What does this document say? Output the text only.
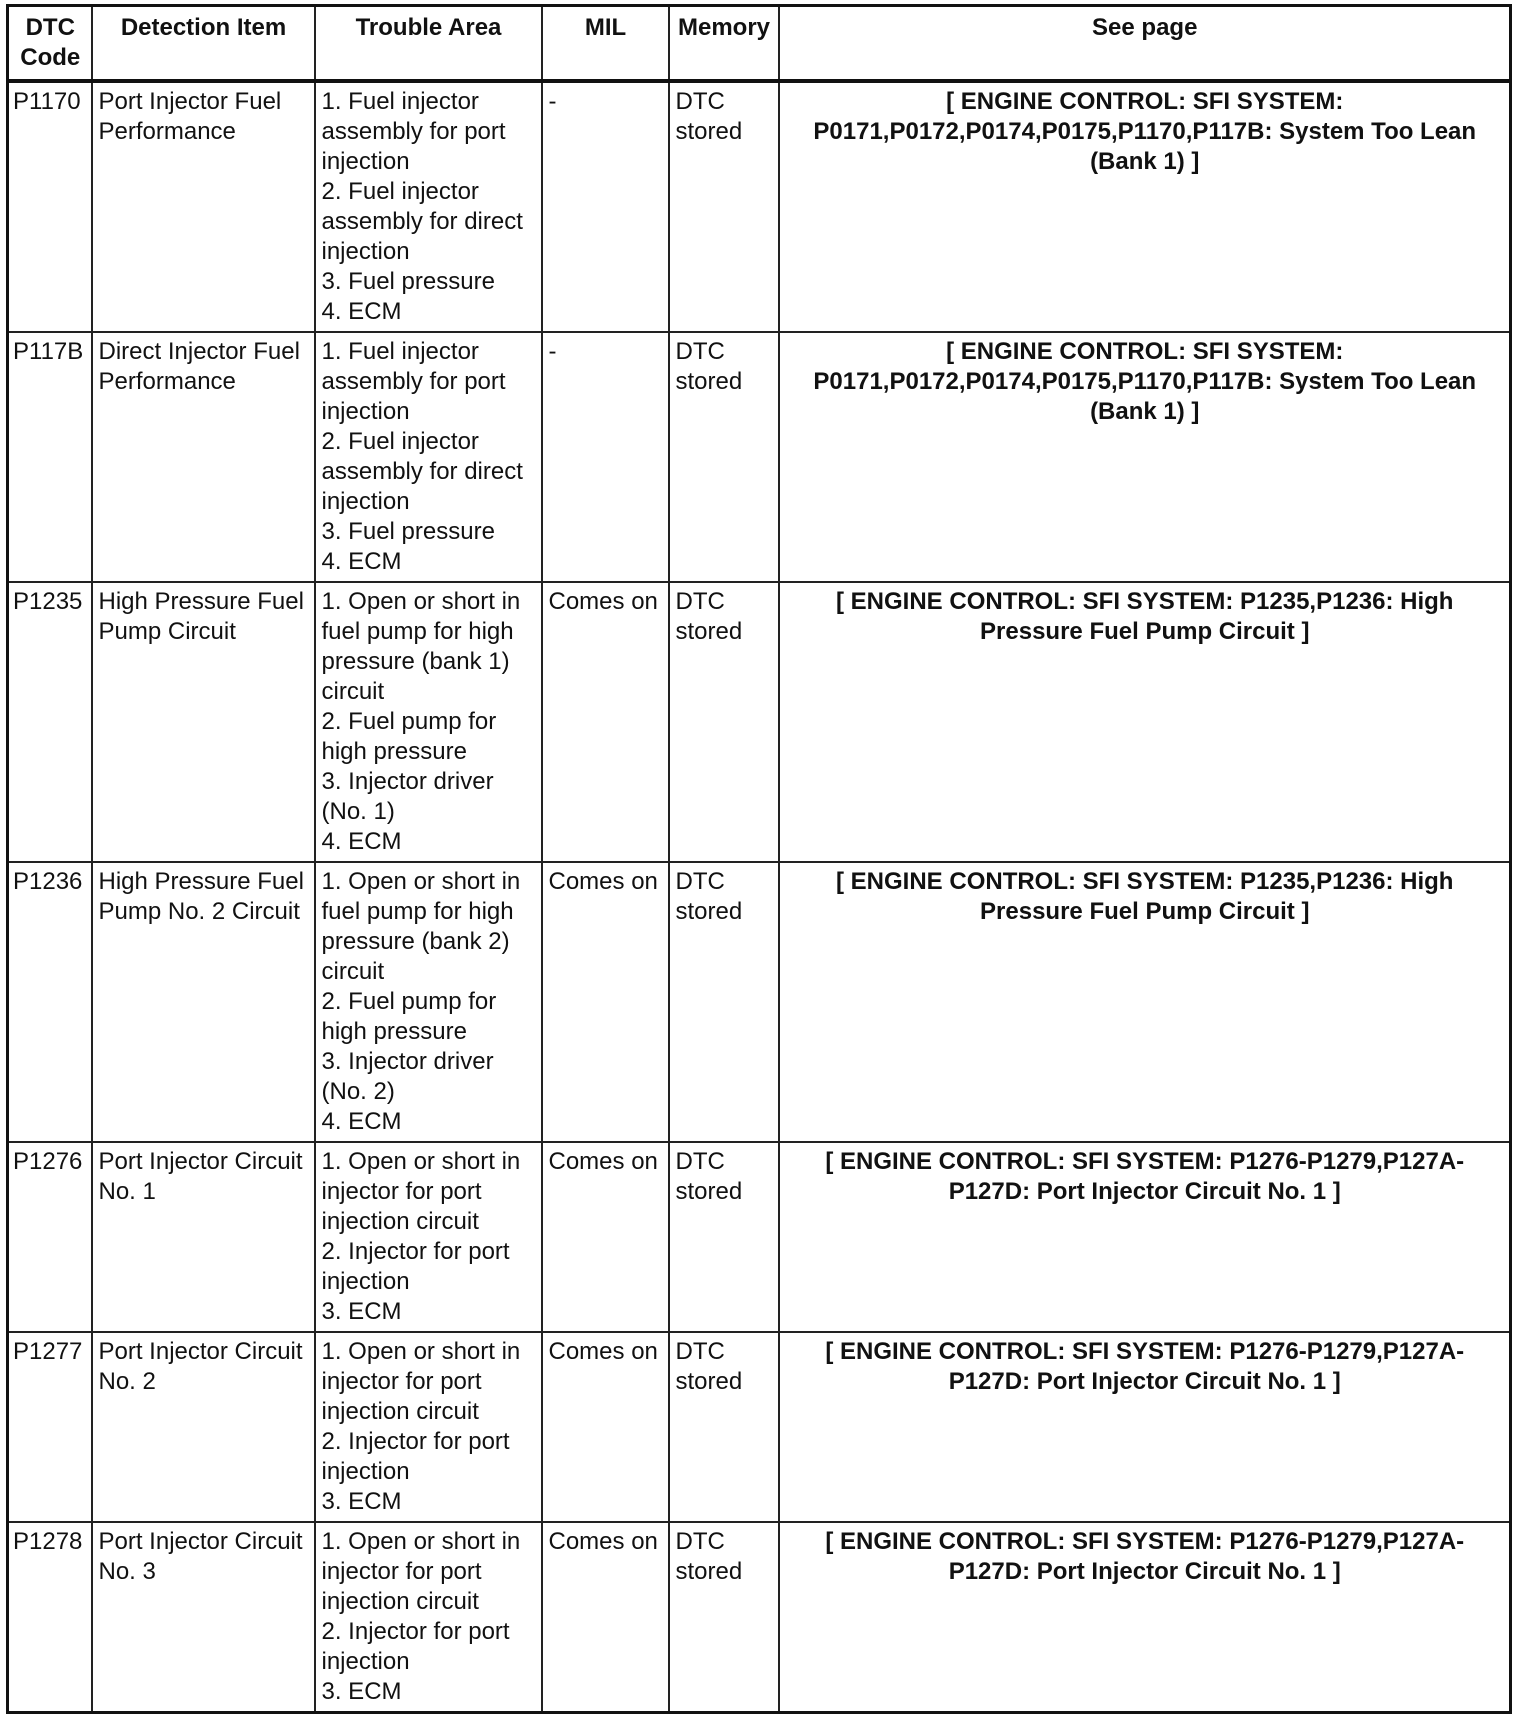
DTC Code	Detection Item	Trouble Area	MIL	Memory	See page
P1170	Port Injector Fuel Performance	1. Fuel injector assembly for port injection
2. Fuel injector assembly for direct injection
3. Fuel pressure
4. ECM	-	DTC stored	[ ENGINE CONTROL: SFI SYSTEM: P0171,P0172,P0174,P0175,P1170,P117B: System Too Lean (Bank 1) ]
P117B	Direct Injector Fuel Performance	1. Fuel injector assembly for port injection
2. Fuel injector assembly for direct injection
3. Fuel pressure
4. ECM	-	DTC stored	[ ENGINE CONTROL: SFI SYSTEM: P0171,P0172,P0174,P0175,P1170,P117B: System Too Lean (Bank 1) ]
P1235	High Pressure Fuel Pump Circuit	1. Open or short in fuel pump for high pressure (bank 1) circuit
2. Fuel pump for high pressure
3. Injector driver (No. 1)
4. ECM	Comes on	DTC stored	[ ENGINE CONTROL: SFI SYSTEM: P1235,P1236: High Pressure Fuel Pump Circuit ]
P1236	High Pressure Fuel Pump No. 2 Circuit	1. Open or short in fuel pump for high pressure (bank 2) circuit
2. Fuel pump for high pressure
3. Injector driver (No. 2)
4. ECM	Comes on	DTC stored	[ ENGINE CONTROL: SFI SYSTEM: P1235,P1236: High Pressure Fuel Pump Circuit ]
P1276	Port Injector Circuit No. 1	1. Open or short in injector for port injection circuit
2. Injector for port injection
3. ECM	Comes on	DTC stored	[ ENGINE CONTROL: SFI SYSTEM: P1276-P1279,P127A-P127D: Port Injector Circuit No. 1 ]
P1277	Port Injector Circuit No. 2	1. Open or short in injector for port injection circuit
2. Injector for port injection
3. ECM	Comes on	DTC stored	[ ENGINE CONTROL: SFI SYSTEM: P1276-P1279,P127A-P127D: Port Injector Circuit No. 1 ]
P1278	Port Injector Circuit No. 3	1. Open or short in injector for port injection circuit
2. Injector for port injection
3. ECM	Comes on	DTC stored	[ ENGINE CONTROL: SFI SYSTEM: P1276-P1279,P127A-P127D: Port Injector Circuit No. 1 ]
